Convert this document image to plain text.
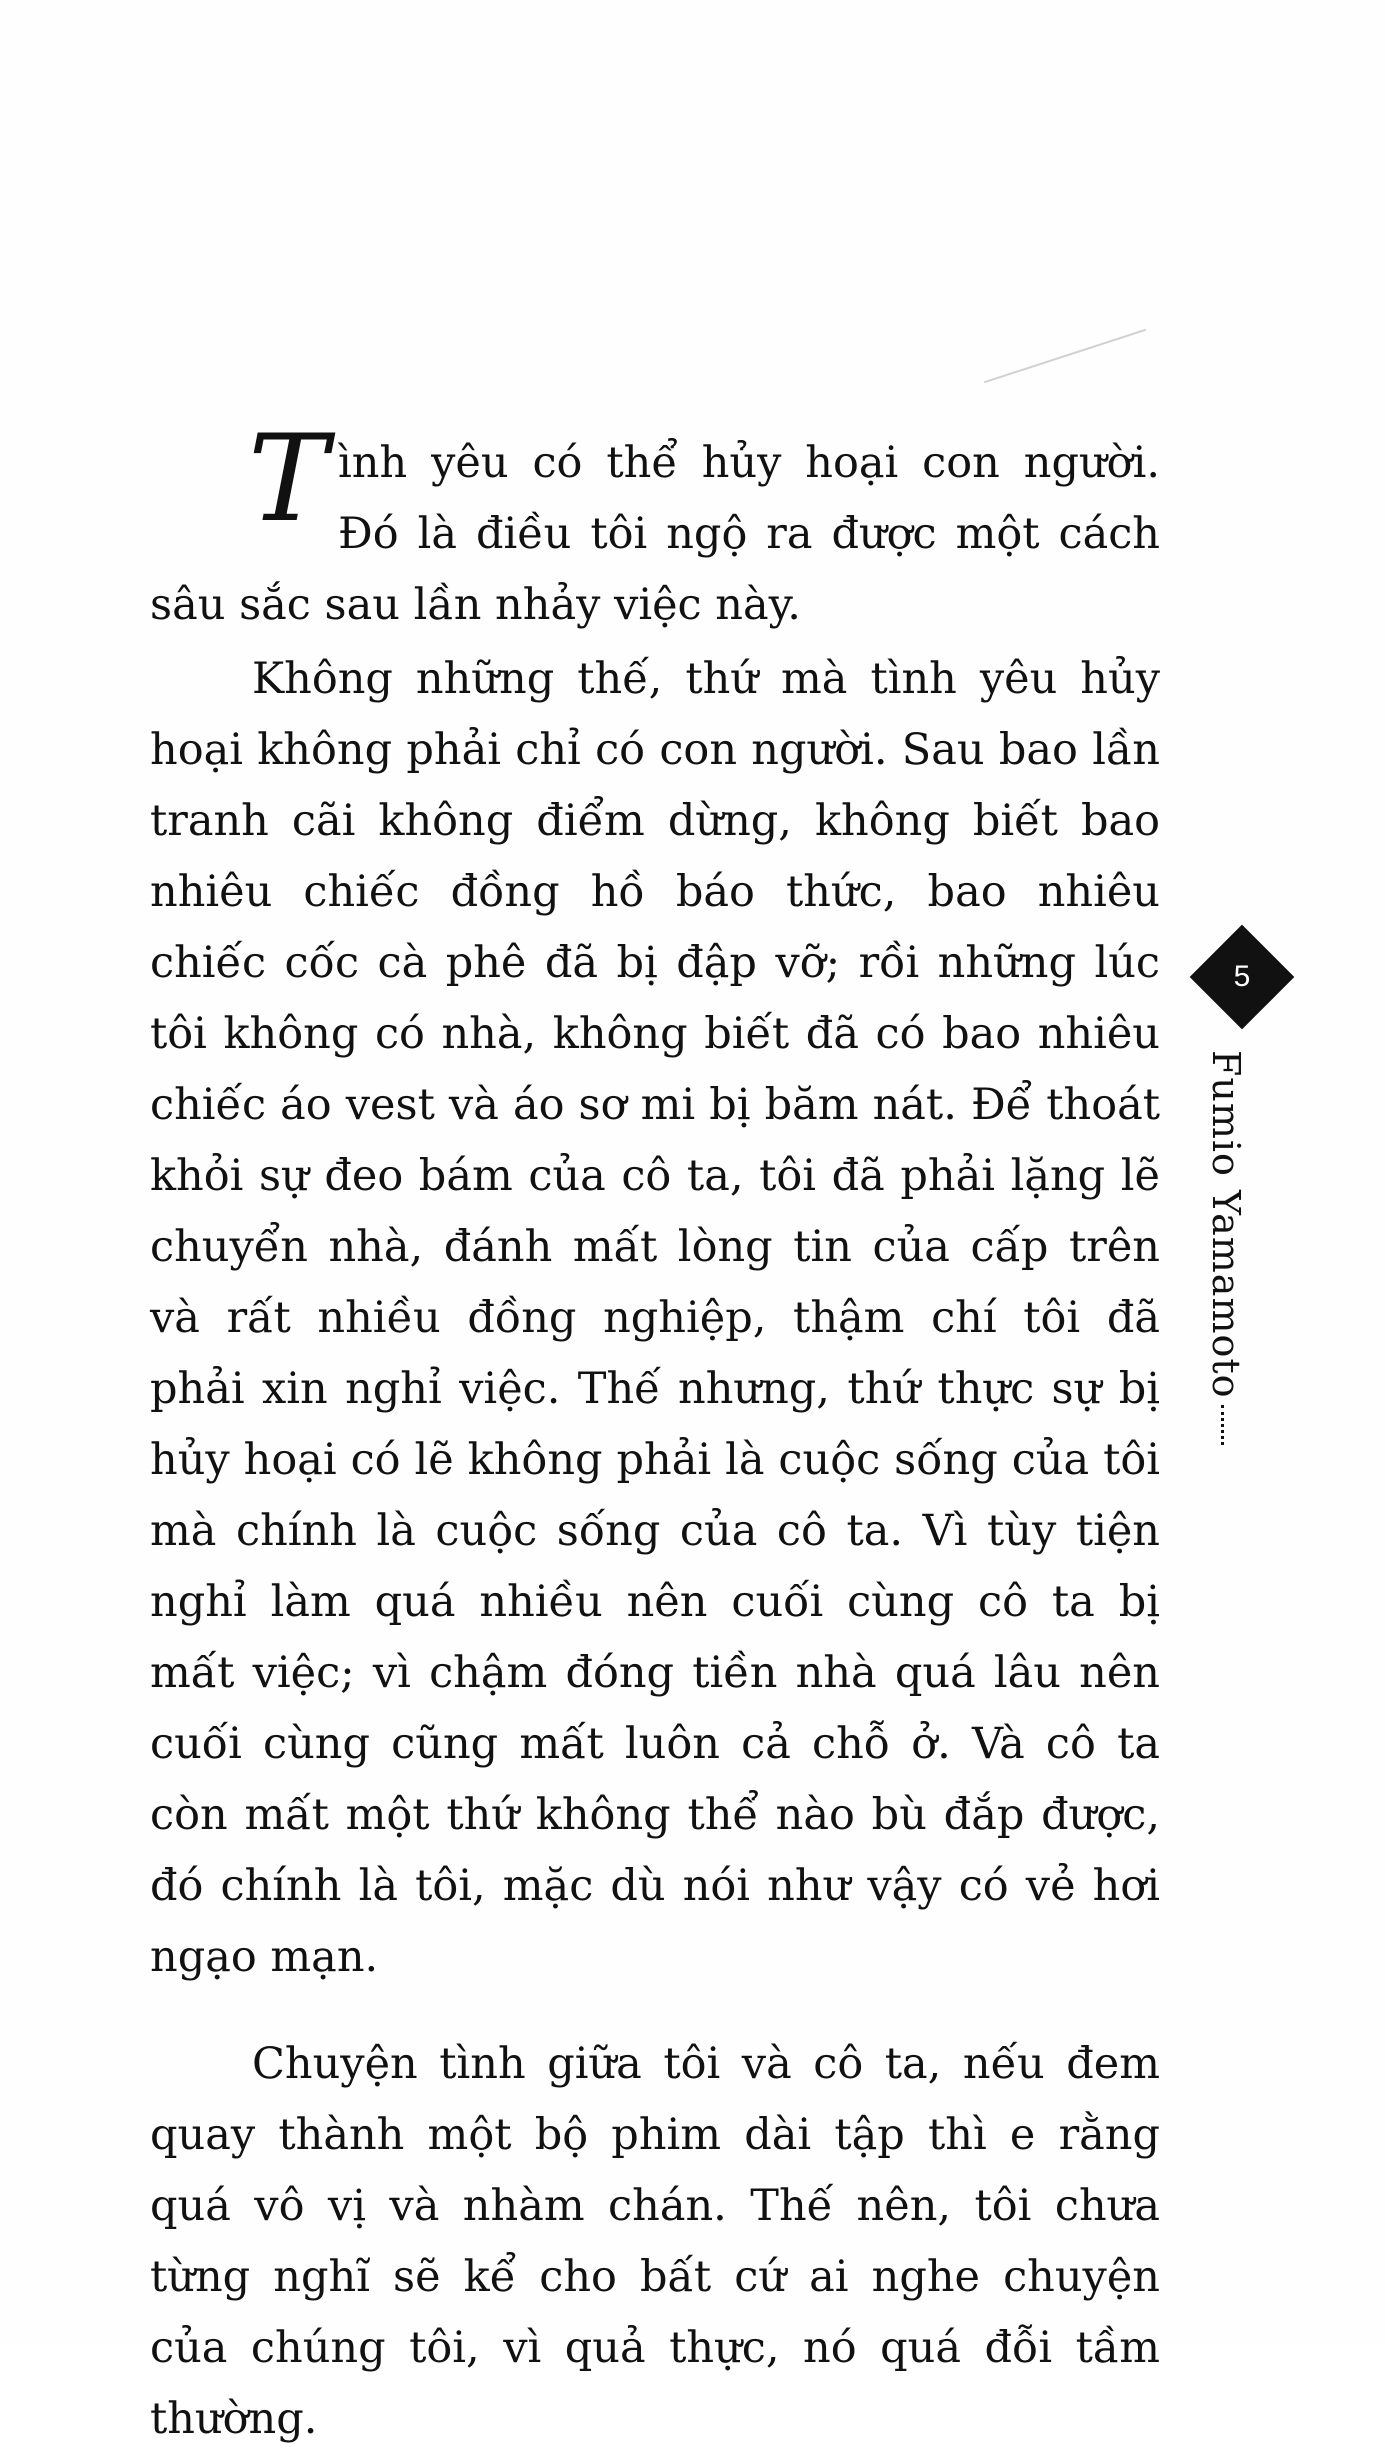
Tình yêu có thể hủy hoại con người. Đó là điều tôi ngộ ra được một cách sâu sắc sau lần nhảy việc này.

Không những thế, thứ mà tình yêu hủy hoại không phải chỉ có con người. Sau bao lần tranh cãi không điểm dừng, không biết bao nhiêu chiếc đồng hồ báo thức, bao nhiêu chiếc cốc cà phê đã bị đập vỡ; rồi những lúc tôi không có nhà, không biết đã có bao nhiêu chiếc áo vest và áo sơ mi bị băm nát. Để thoát khỏi sự đeo bám của cô ta, tôi đã phải lặng lẽ chuyển nhà, đánh mất lòng tin của cấp trên và rất nhiều đồng nghiệp, thậm chí tôi đã phải xin nghỉ việc. Thế nhưng, thứ thực sự bị hủy hoại có lẽ không phải là cuộc sống của tôi mà chính là cuộc sống của cô ta. Vì tùy tiện nghỉ làm quá nhiều nên cuối cùng cô ta bị mất việc; vì chậm đóng tiền nhà quá lâu nên cuối cùng cũng mất luôn cả chỗ ở. Và cô ta còn mất một thứ không thể nào bù đắp được, đó chính là tôi, mặc dù nói như vậy có vẻ hơi ngạo mạn.

Chuyện tình giữa tôi và cô ta, nếu đem quay thành một bộ phim dài tập thì e rằng quá vô vị và nhàm chán. Thế nên, tôi chưa từng nghĩ sẽ kể cho bất cứ ai nghe chuyện của chúng tôi, vì quả thực, nó quá đỗi tầm thường.

5
Fumio Yamamoto
